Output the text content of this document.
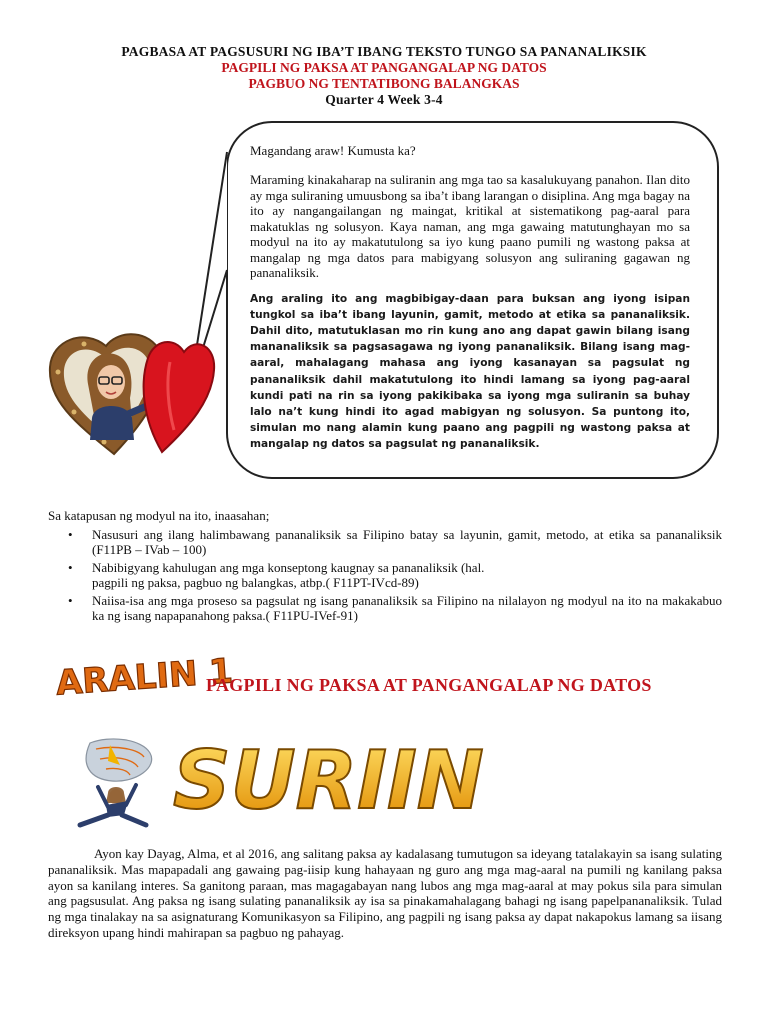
PAGBASA AT PAGSUSURI NG IBA’T IBANG TEKSTO TUNGO SA PANANALIKSIK
PAGPILI NG PAKSA AT PANGANGALAP NG DATOS
PAGBUO NG TENTATIBONG BALANGKAS
Quarter 4 Week 3-4

Magandang araw! Kumusta ka?

Maraming kinakaharap na suliranin ang mga tao sa kasalukuyang panahon. Ilan dito ay mga suliraning umuusbong sa iba’t ibang larangan o disiplina. Ang mga bagay na ito ay nangangailangan ng maingat, kritikal at sistematikong pag-aaral para makatuklas ng solusyon. Kaya naman, ang mga gawaing matutunghayan mo sa modyul na ito ay makatutulong sa iyo kung paano pumili ng wastong paksa at mangalap ng mga datos para mabigyang solusyon ang suliraning gagawan ng pananaliksik.

Ang araling ito ang magbibigay-daan para buksan ang iyong isipan tungkol sa iba’t ibang layunin, gamit, metodo at etika sa pananaliksik. Dahil dito, matutuklasan mo rin kung ano ang dapat gawin bilang isang mananaliksik sa pagsasagawa ng iyong pananaliksik. Bilang isang mag-aaral, mahalagang mahasa ang iyong kasanayan sa pagsulat ng pananaliksik dahil makatutulong ito hindi lamang sa iyong pag-aaral kundi pati na rin sa iyong pakikibaka sa iyong mga suliranin sa buhay lalo na’t kung hindi ito agad mabigyan ng solusyon. Sa puntong ito, simulan mo nang alamin kung paano ang pagpili ng wastong paksa at mangalap ng datos sa pagsulat ng pananaliksik.

Sa katapusan ng modyul na ito, inaasahan;

• Nasusuri ang ilang halimbawang pananaliksik sa Filipino batay sa layunin, gamit, metodo, at etika sa pananaliksik (F11PB – IVab – 100)
• Nabibigyang kahulugan ang mga konseptong kaugnay sa pananaliksik (hal.
pagpili ng paksa, pagbuo ng balangkas, atbp.( F11PT-IVcd-89)
• Naiisa-isa ang mga proseso sa pagsulat ng isang pananaliksik sa Filipino na nilalayon ng modyul na ito na makakabuo ka ng isang napapanahong paksa.( F11PU-IVef-91)
ARALIN 1
PAGPILI NG PAKSA AT PANGANGALAP NG DATOS
SURIIN
Ayon kay Dayag, Alma, et al 2016, ang salitang paksa ay kadalasang tumutugon sa ideyang tatalakayin sa isang sulating pananaliksik. Mas mapapadali ang gawaing pag-iisip kung hahayaan ng guro ang mga mag-aaral na pumili ng kanilang paksa ayon sa kanilang interes. Sa ganitong paraan, mas magagabayan nang lubos ang mga mag-aaral at may pokus sila para simulan ang pagsusulat. Ang paksa ng isang sulating pananaliksik ay isa sa pinakamahalagang bahagi ng isang papelpananaliksik. Tulad ng mga tinalakay na sa asignaturang Komunikasyon sa Filipino, ang pagpili ng isang paksa ay dapat nakapokus lamang sa iisang direksyon upang hindi mahirapan sa pagbuo ng pahayag.
